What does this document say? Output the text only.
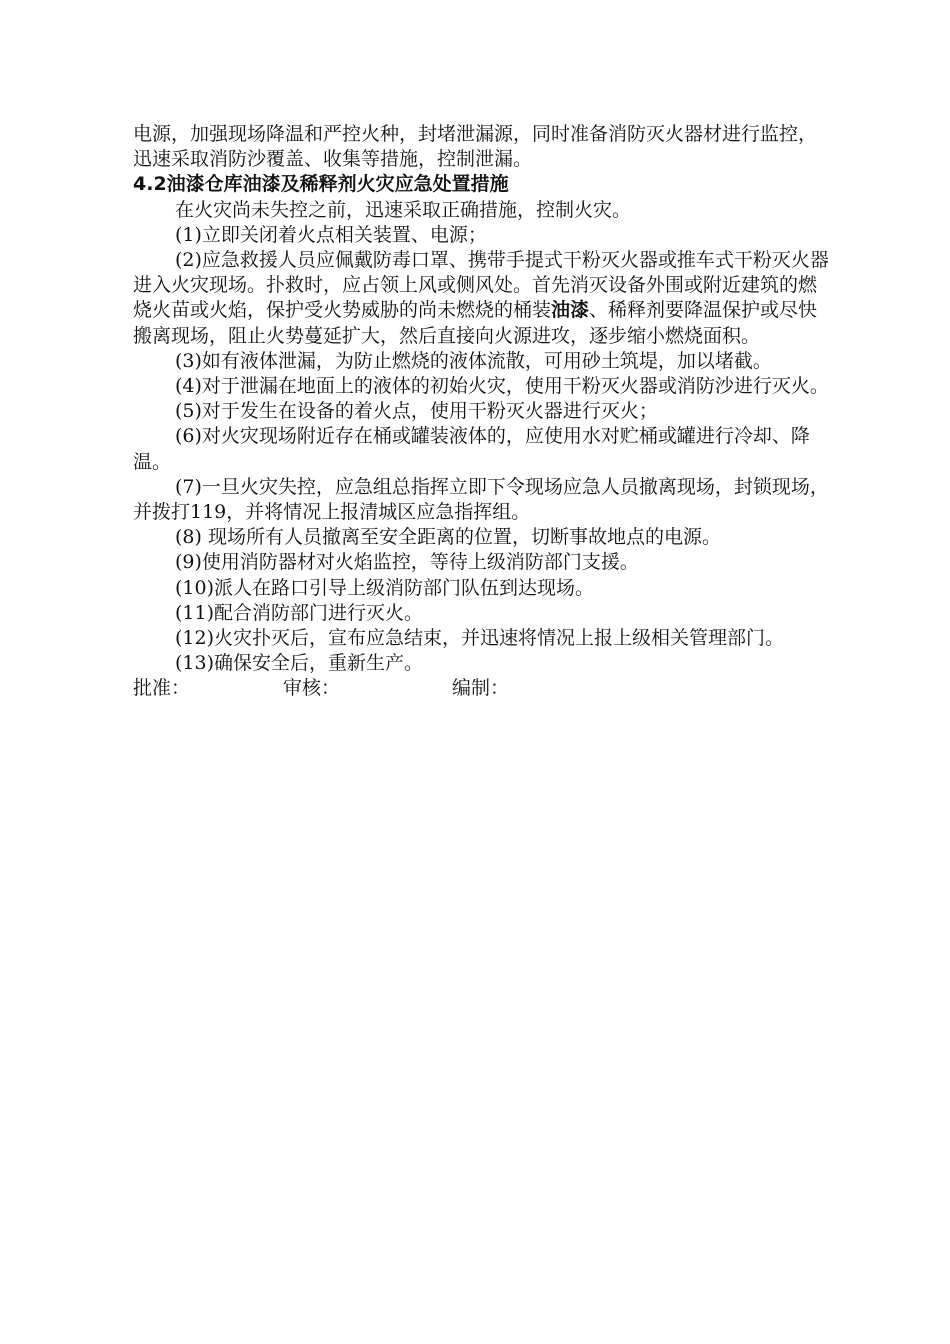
电源，加强现场降温和严控火种，封堵泄漏源，同时准备消防灭火器材进行监控，迅速采取消防沙覆盖、收集等措施，控制泄漏。

4.2油漆仓库油漆及稀释剂火灾应急处置措施

在火灾尚未失控之前，迅速采取正确措施，控制火灾。

(1)立即关闭着火点相关装置、电源；

(2)应急救援人员应佩戴防毒口罩、携带手提式干粉灭火器或推车式干粉灭火器进入火灾现场。扑救时，应占领上风或侧风处。首先消灭设备外围或附近建筑的燃烧火苗或火焰，保护受火势威胁的尚未燃烧的桶装油漆、稀释剂要降温保护或尽快搬离现场，阻止火势蔓延扩大，然后直接向火源进攻，逐步缩小燃烧面积。

(3)如有液体泄漏，为防止燃烧的液体流散，可用砂土筑堤，加以堵截。

(4)对于泄漏在地面上的液体的初始火灾，使用干粉灭火器或消防沙进行灭火。

(5)对于发生在设备的着火点，使用干粉灭火器进行灭火；

(6)对火灾现场附近存在桶或罐装液体的，应使用水对贮桶或罐进行冷却、降温。

(7)一旦火灾失控，应急组总指挥立即下令现场应急人员撤离现场，封锁现场，并拨打119，并将情况上报清城区应急指挥组。

(8) 现场所有人员撤离至安全距离的位置，切断事故地点的电源。

(9)使用消防器材对火焰监控，等待上级消防部门支援。

(10)派人在路口引导上级消防部门队伍到达现场。

(11)配合消防部门进行灭火。

(12)火灾扑灭后，宣布应急结束，并迅速将情况上报上级相关管理部门。

(13)确保安全后，重新生产。

批准：	审核：	编制：
